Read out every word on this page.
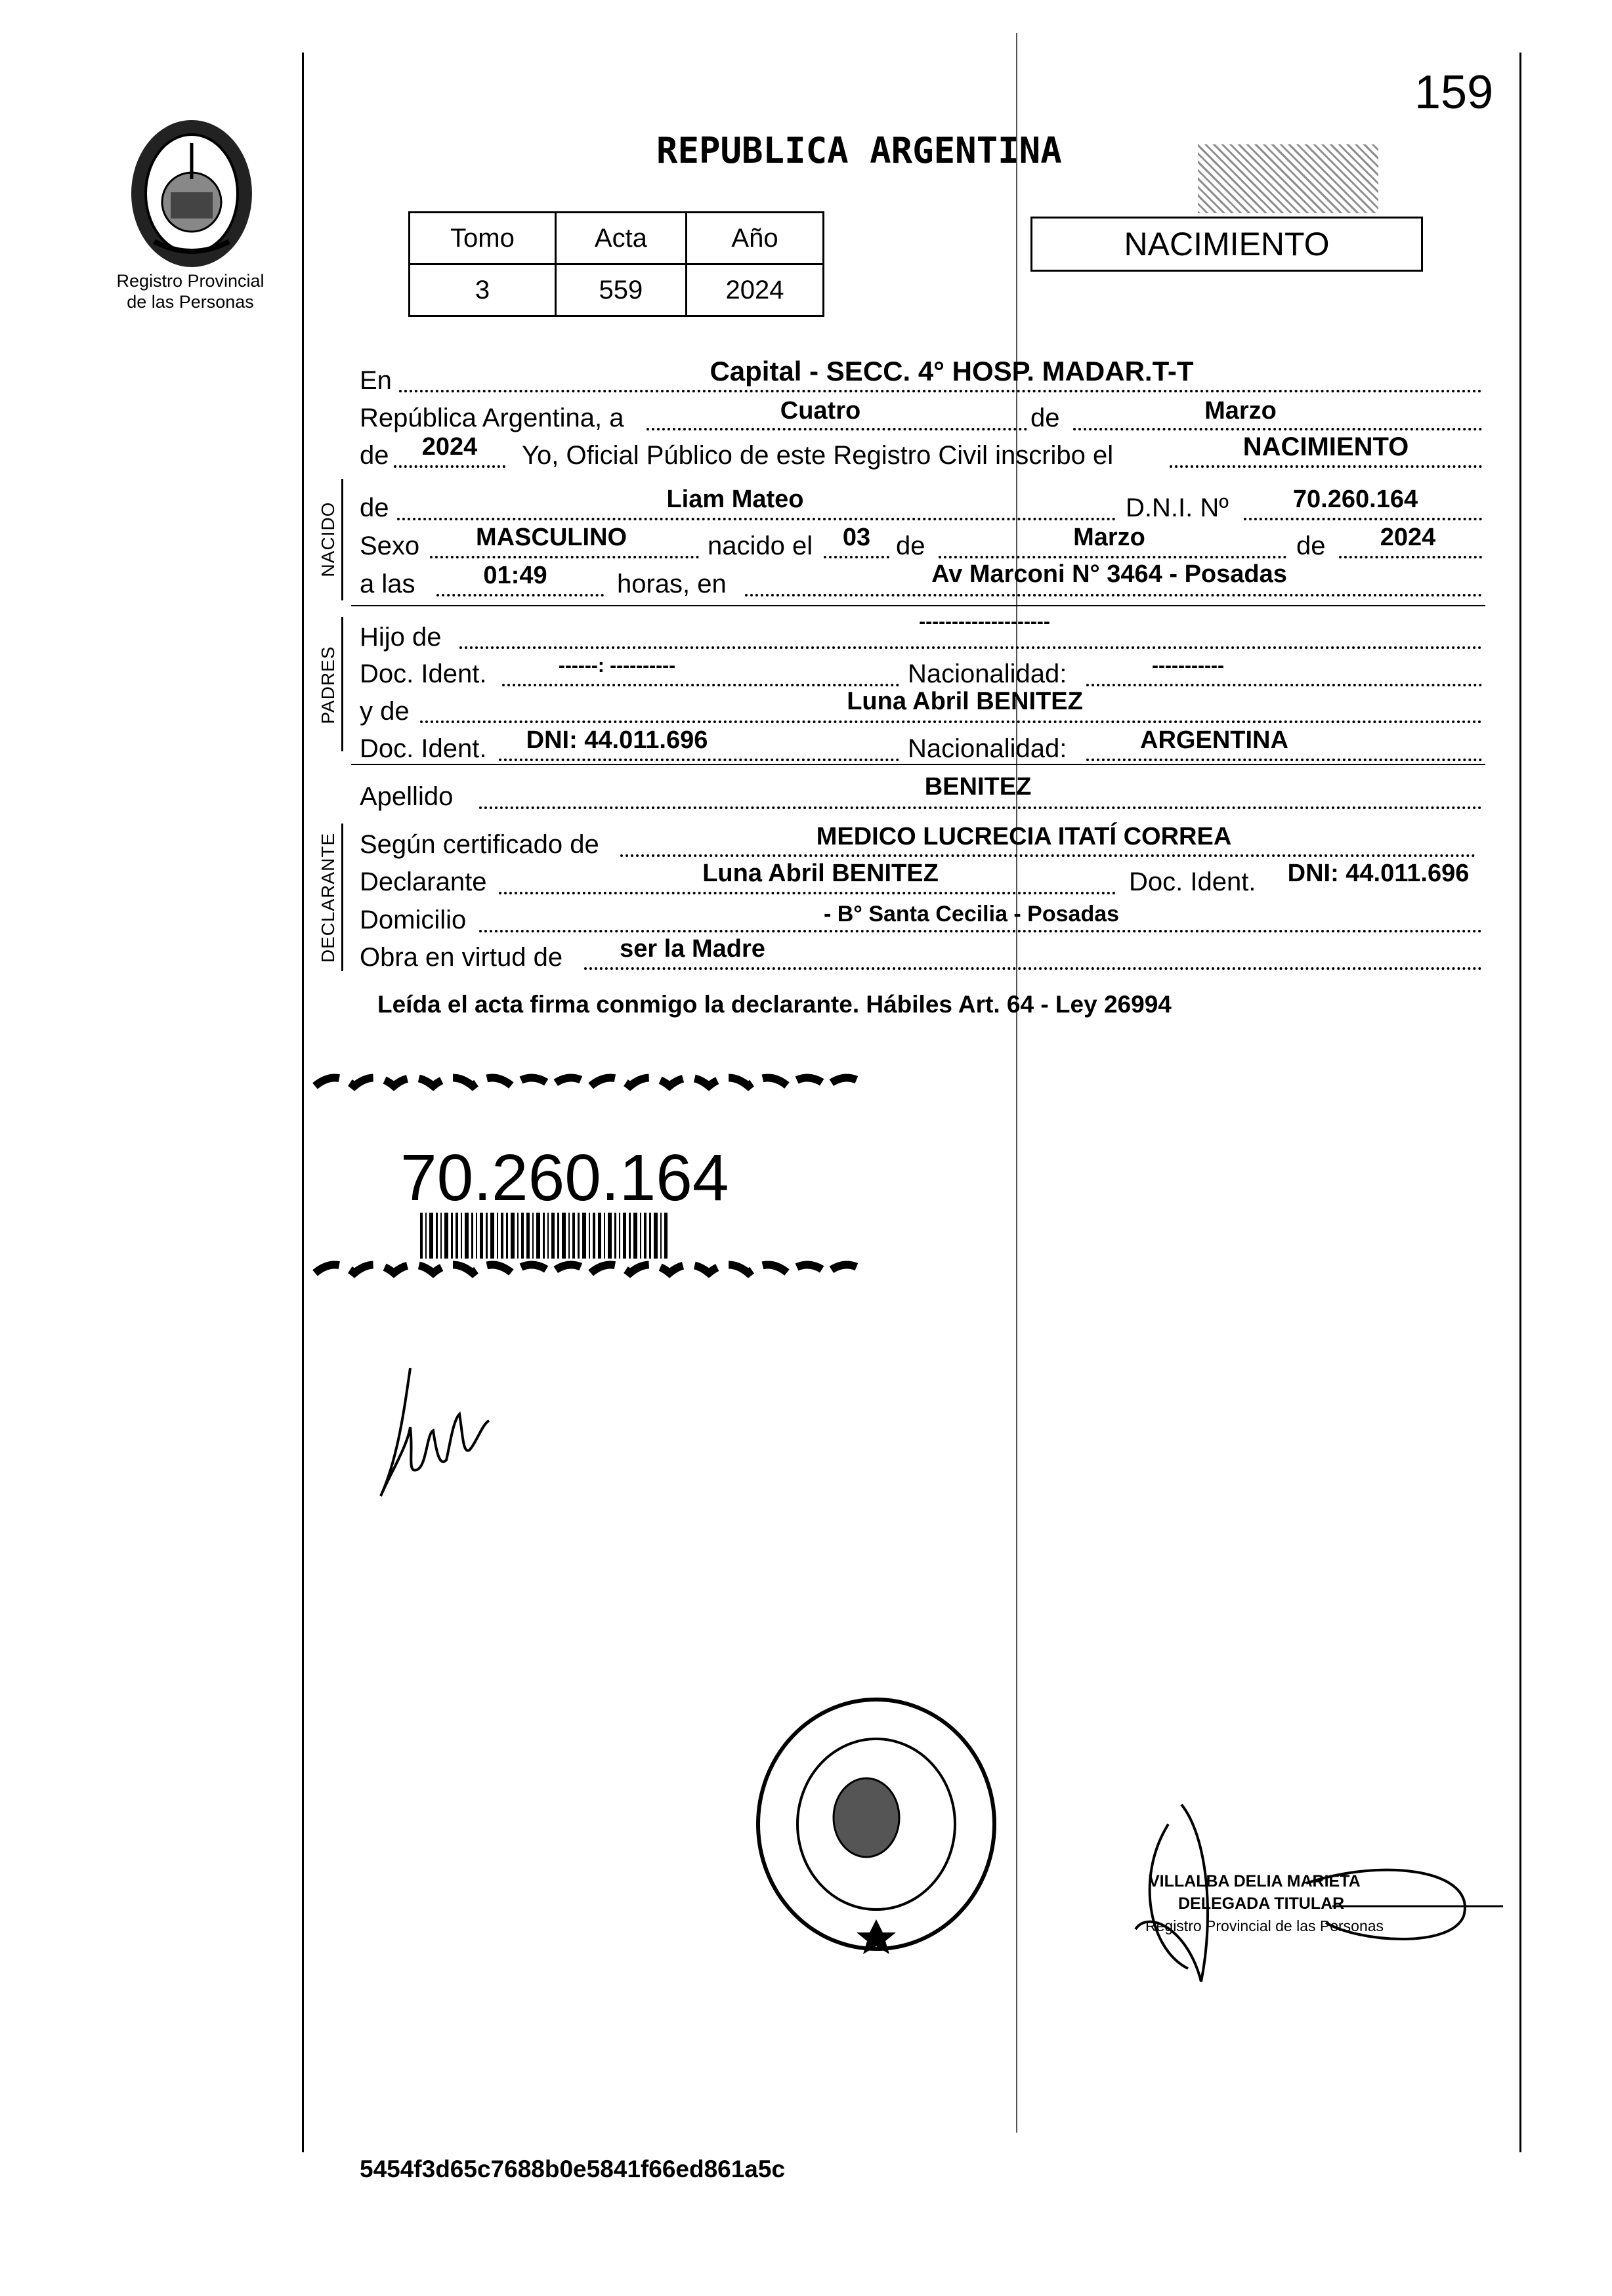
Registro Provincial
de las Personas
159
REPUBLICA ARGENTINA
Tomo	Acta	Año
3	559	2024
NACIMIENTO
En	Capital - SECC. 4° HOSP. MADAR.T-T
República Argentina, a	Cuatro	de	Marzo
de	2024	Yo, Oficial Público de este Registro Civil inscribo el	NACIMIENTO
NACIDO de	Liam Mateo	D.N.I. Nº	70.260.164
Sexo	MASCULINO	nacido el	03 de	Marzo	de	2024
a las	01:49	horas, en	Av Marconi N° 3464 - Posadas
PADRES
Hijo de
--------------------
Doc. Ident.	------: ----------	Nacionalidad:	-----------
y de	Luna Abril BENITEZ
Doc. Ident.	DNI: 44.011.696	Nacionalidad:	ARGENTINA
Apellido	BENITEZ
DECLARANTE Según certificado de	MEDICO LUCRECIA ITATÍ CORREA
Declarante	Luna Abril BENITEZ	Doc. Ident.	DNI: 44.011.696
Domicilio	- B° Santa Cecilia - Posadas
Obra en virtud de	ser la Madre
Leída el acta firma conmigo la declarante. Hábiles Art. 64 - Ley 26994
70.260.164
VILLALBA DELIA MARIETA
DELEGADA TITULAR
Registro Provincial de las Personas
5454f3d65c7688b0e5841f66ed861a5c
